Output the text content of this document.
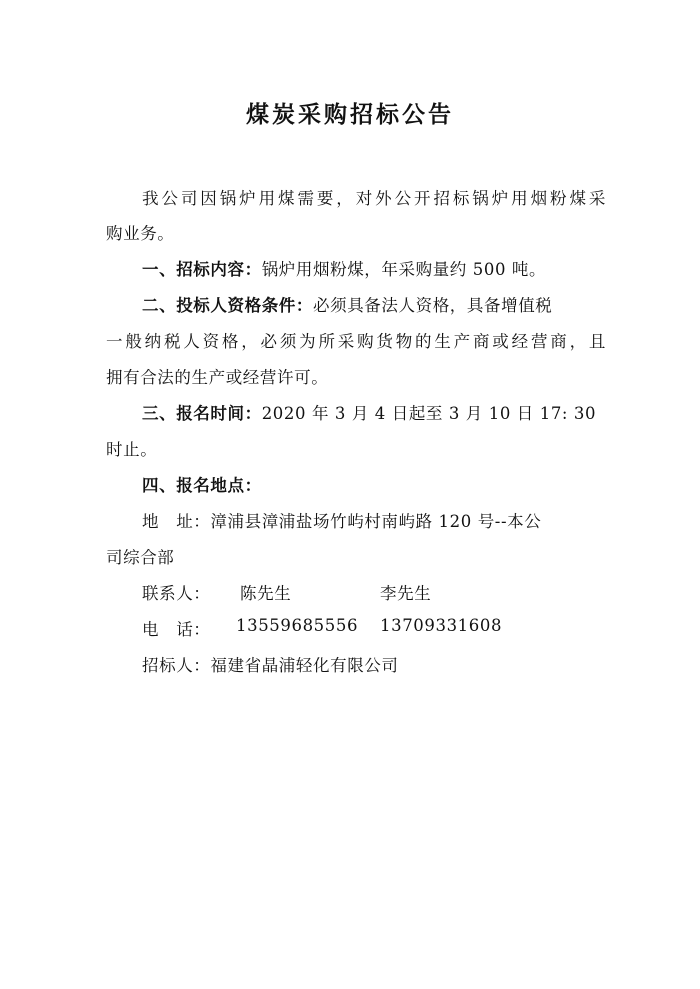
煤炭采购招标公告
我公司因锅炉用煤需要，对外公开招标锅炉用烟粉煤采
购业务。
一、招标内容：锅炉用烟粉煤，年采购量约 500 吨。
二、投标人资格条件：必须具备法人资格，具备增值税
一般纳税人资格，必须为所采购货物的生产商或经营商，且
拥有合法的生产或经营许可。
三、报名时间：2020 年 3 月 4 日起至 3 月 10 日 17: 30
时止。
四、报名地点：
地　址：漳浦县漳浦盐场竹屿村南屿路 120 号--本公
司综合部
联系人： 陈先生	李先生
电　话： 13559685556 13709331608
招标人：福建省晶浦轻化有限公司
